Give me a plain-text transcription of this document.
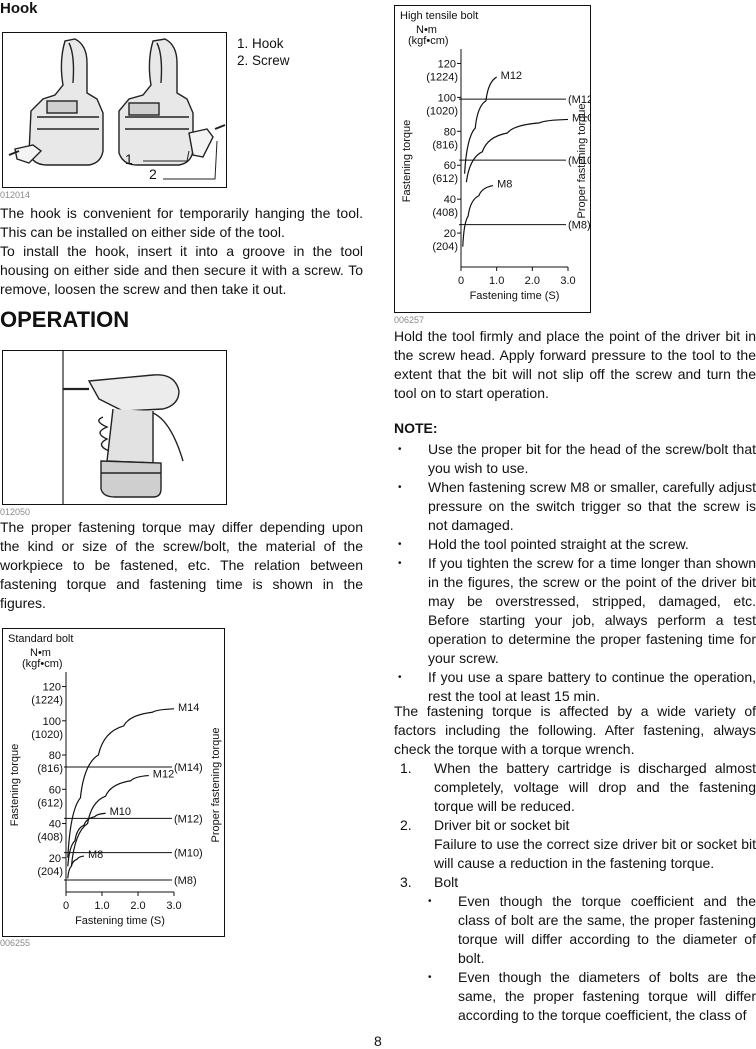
Hook
1
2
1. Hook
2. Screw
012014
The hook is convenient for temporarily hanging the tool. This can be installed on either side of the tool.
To install the hook, insert it into a groove in the tool housing on either side and then secure it with a screw. To remove, loosen the screw and then take it out.
OPERATION
012050
The proper fastening torque may differ depending upon the kind or size of the screw/bolt, the material of the workpiece to be fastened, etc. The relation between fastening torque and fastening time is shown in the figures.
Standard bolt
N•m
(kgf•cm)
120
(1224)
100
(1020)
80
(816)
60
(612)
40
(408)
20
(204)
0 1.0 2.0 3.0
Fastening time (S)
Fastening torque	Proper fastening torque
(M14)
(M12)
(M10)
(M8)
M14
M12
M10
M8
006255
High tensile bolt
N•m
(kgf•cm)
120
(1224)
100
(1020)
80
(816)
60
(612)
40
(408)
20
(204)
0 1.0 2.0 3.0
Fastening time (S)
Fastening torque	Proper fastening torque
(M12
(M10
(M8)
M12
M10
M8
006257
Hold the tool firmly and place the point of the driver bit in the screw head. Apply forward pressure to the tool to the extent that the bit will not slip off the screw and turn the tool on to start operation.
NOTE:
• Use the proper bit for the head of the screw/bolt that you wish to use.
• When fastening screw M8 or smaller, carefully adjust pressure on the switch trigger so that the screw is not damaged.
• Hold the tool pointed straight at the screw.
• If you tighten the screw for a time longer than shown in the figures, the screw or the point of the driver bit may be overstressed, stripped, damaged, etc. Before starting your job, always perform a test operation to determine the proper fastening time for your screw.
• If you use a spare battery to continue the operation, rest the tool at least 15 min.
The fastening torque is affected by a wide variety of factors including the following. After fastening, always check the torque with a torque wrench.
1. When the battery cartridge is discharged almost completely, voltage will drop and the fastening torque will be reduced.
2. Driver bit or socket bit
Failure to use the correct size driver bit or socket bit will cause a reduction in the fastening torque.
3. Bolt
• Even though the torque coefficient and the class of bolt are the same, the proper fastening torque will differ according to the diameter of bolt.
• Even though the diameters of bolts are the same, the proper fastening torque will differ according to the torque coefficient, the class of
8
